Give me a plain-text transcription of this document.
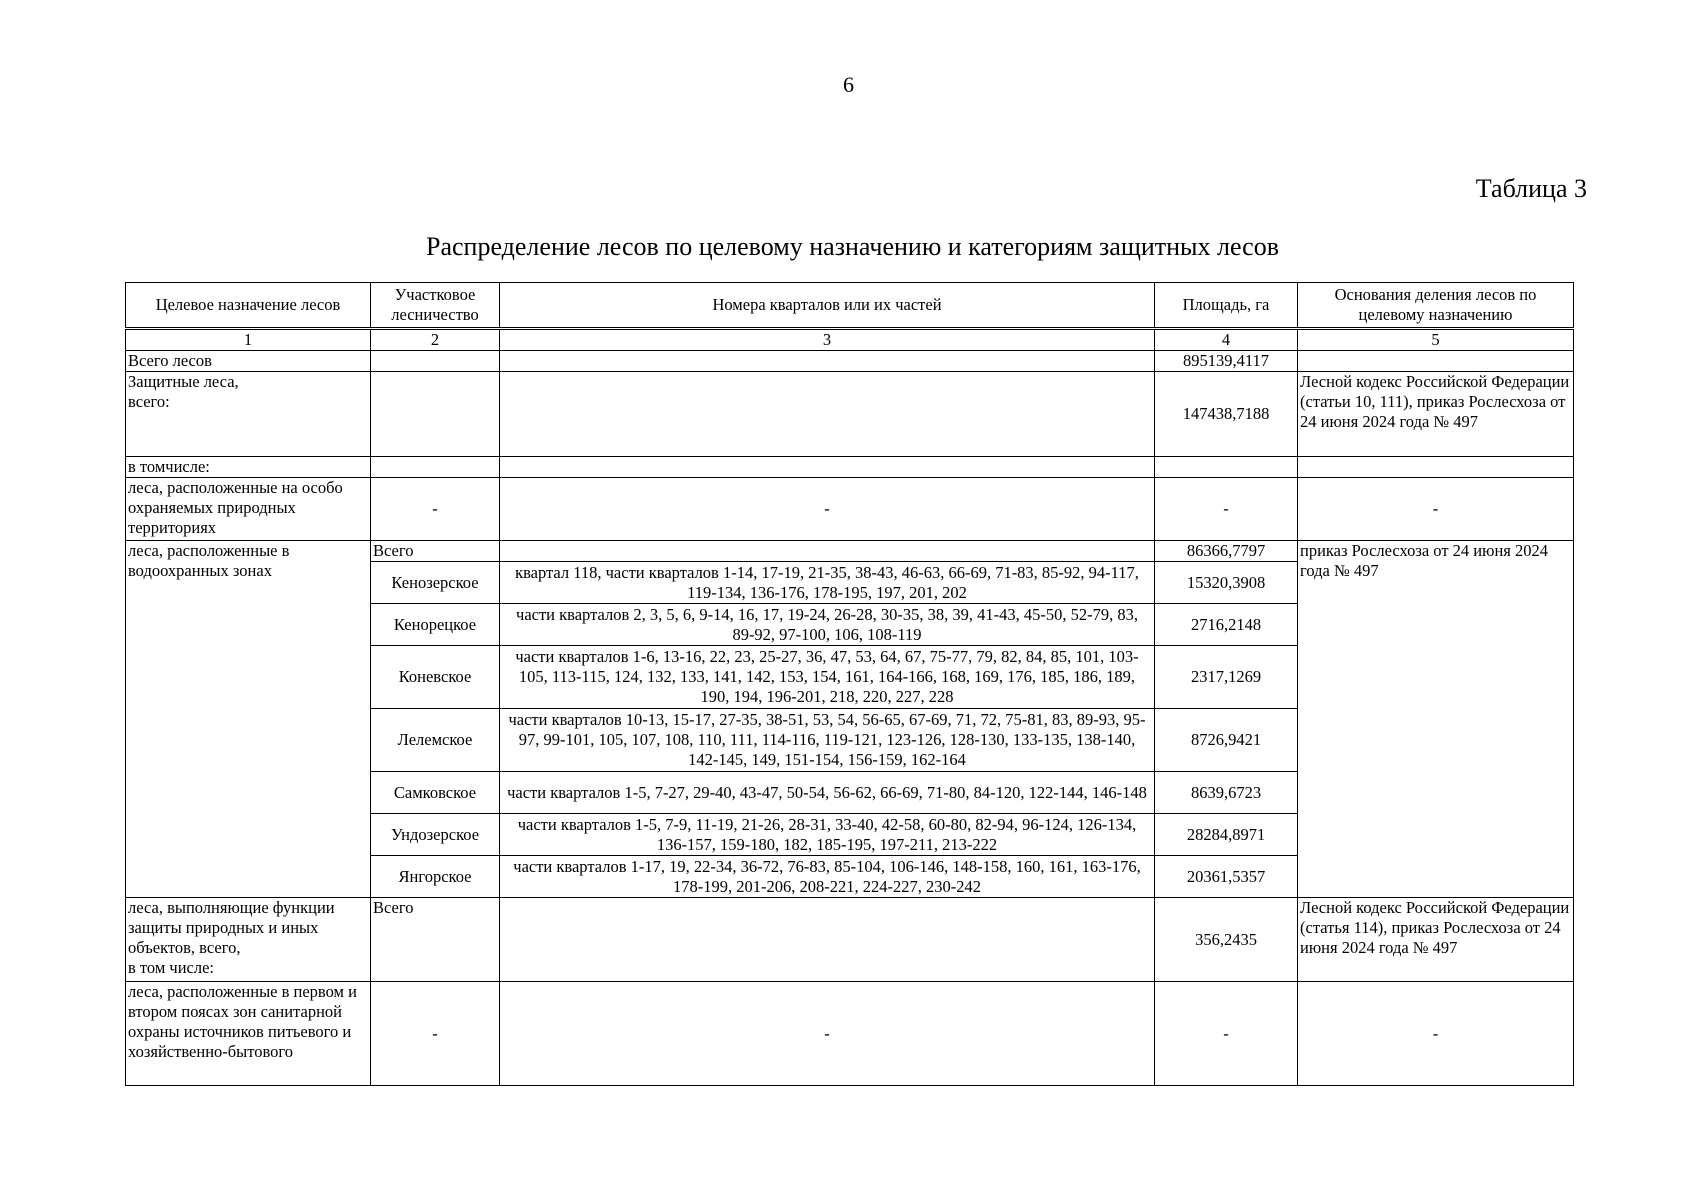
6
Таблица 3
Распределение лесов по целевому назначению и категориям защитных лесов
Целевое назначение лесов	Участковое лесничество	Номера кварталов или их частей	Площадь, га	Основания деления лесов по целевому назначению
1	2	3	4	5
Всего лесов			895139,4117	

Защитные леса, всего:			147438,7188	Лесной кодекс Российской Федерации (статьи 10, 111), приказ Рослесхоза от 24 июня 2024 года № 497
в томчисле:				
леса, расположенные на особо охраняемых природных территориях	-	-	-	-
леса, расположенные в водоохранных зонах	Всего		86366,7797	приказ Рослесхоза от 24 июня 2024 года № 497
	Кенозерское	квартал 118, части кварталов 1-14, 17-19, 21-35, 38-43, 46-63, 66-69, 71-83, 85-92, 94-117, 119-134, 136-176, 178-195, 197, 201, 202	15320,3908	
	Кенорецкое	части кварталов 2, 3, 5, 6, 9-14, 16, 17, 19-24, 26-28, 30-35, 38, 39, 41-43, 45-50, 52-79, 83, 89-92, 97-100, 106, 108-119	2716,2148	
	Коневское	части кварталов 1-6, 13-16, 22, 23, 25-27, 36, 47, 53, 64, 67, 75-77, 79, 82, 84, 85, 101, 103-105, 113-115, 124, 132, 133, 141, 142, 153, 154, 161, 164-166, 168, 169, 176, 185, 186, 189, 190, 194, 196-201, 218, 220, 227, 228	2317,1269	
	Лелемское	части кварталов 10-13, 15-17, 27-35, 38-51, 53, 54, 56-65, 67-69, 71, 72, 75-81, 83, 89-93, 95-97, 99-101, 105, 107, 108, 110, 111, 114-116, 119-121, 123-126, 128-130, 133-135, 138-140, 142-145, 149, 151-154, 156-159, 162-164	8726,9421	
	Самковское	части кварталов 1-5, 7-27, 29-40, 43-47, 50-54, 56-62, 66-69, 71-80, 84-120, 122-144, 146-148	8639,6723	
	Ундозерское	части кварталов 1-5, 7-9, 11-19, 21-26, 28-31, 33-40, 42-58, 60-80, 82-94, 96-124, 126-134, 136-157, 159-180, 182, 185-195, 197-211, 213-222	28284,8971	
	Янгорское	части кварталов 1-17, 19, 22-34, 36-72, 76-83, 85-104, 106-146, 148-158, 160, 161, 163-176, 178-199, 201-206, 208-221, 224-227, 230-242	20361,5357	

леса, выполняющие функции
защиты природных и иных
объектов, всего,
в том числе:	Всего		356,2435	Лесной кодекс Российской Федерации (статья 114), приказ Рослесхоза от 24 июня 2024 года № 497
леса, расположенные в первом и втором поясах зон санитарной охраны источников питьевого и хозяйственно-бытового	-	-	-	-
